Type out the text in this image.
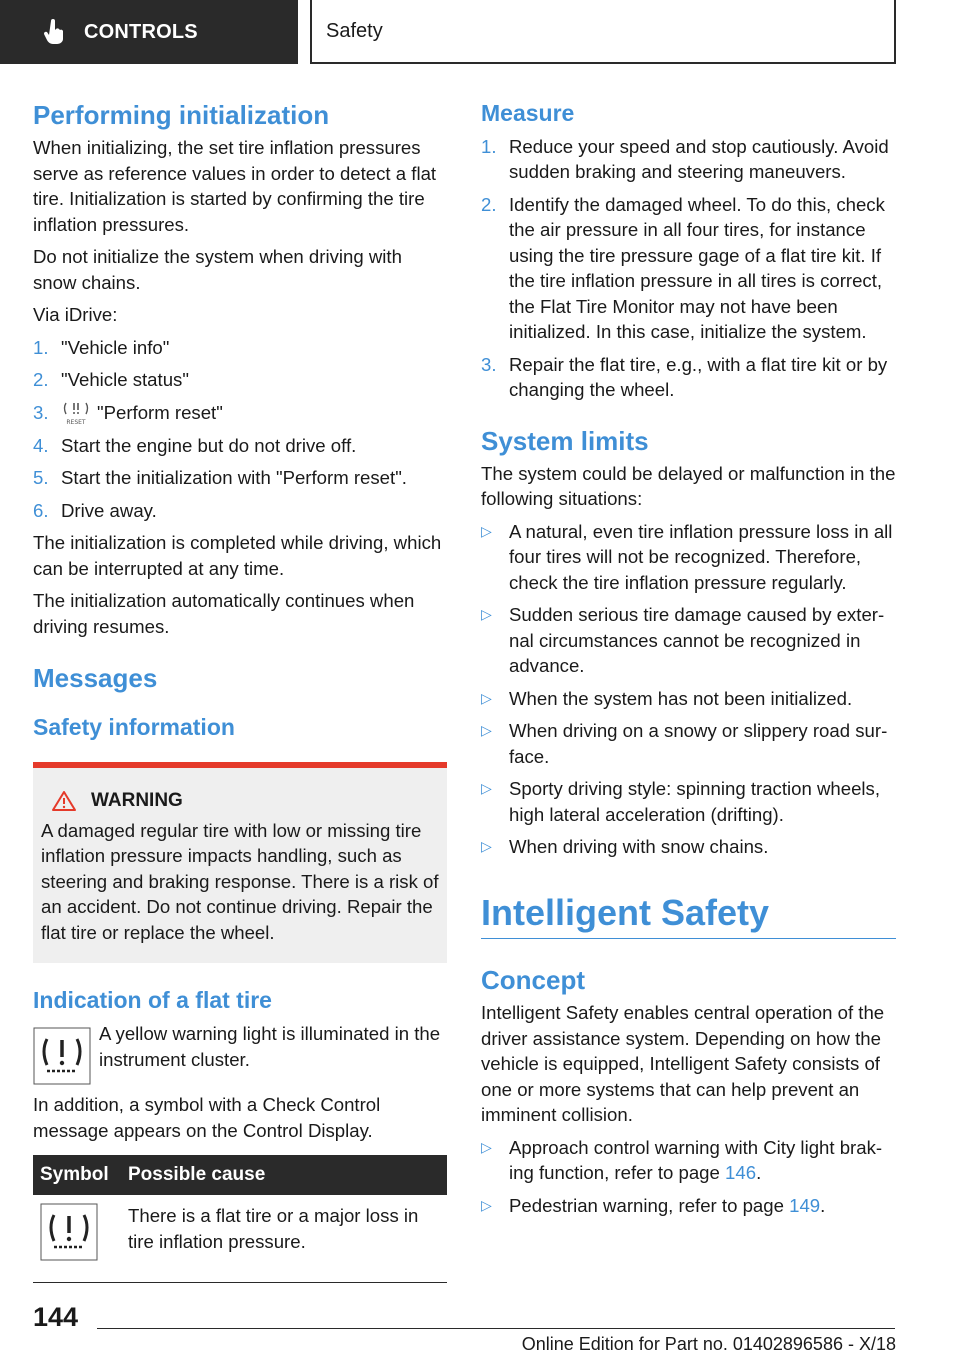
CONTROLS	Safety
Performing initialization

When initializing, the set tire inflation pressures serve as reference values in order to detect a flat tire. Initialization is started by confirming the tire inflation pressures.

Do not initialize the system when driving with snow chains.

Via iDrive:

1. "Vehicle info"
2. "Vehicle status"
3.	RESET "Perform reset"
4. Start the engine but do not drive off.
5. Start the initialization with "Perform reset".
6. Drive away.

The initialization is completed while driving, which can be interrupted at any time.

The initialization automatically continues when driving resumes.

Messages
Safety information
WARNING

A damaged regular tire with low or missing tire inflation pressure impacts handling, such as steering and braking response. There is a risk of an accident. Do not continue driving. Repair the flat tire or replace the wheel.

Indication of a flat tire

A yellow warning light is illuminated in the instrument cluster.

In addition, a symbol with a Check Control message appears on the Control Display.

Symbol	Possible cause
	There is a flat tire or a major loss in tire inflation pressure.
Measure
1. Reduce your speed and stop cautiously. Avoid sudden braking and steering maneuvers.
2. Identify the damaged wheel. To do this, check the air pressure in all four tires, for instance using the tire pressure gage of a flat tire kit. If the tire inflation pressure in all tires is correct, the Flat Tire Monitor may not have been initialized. In this case, initialize the system.
3. Repair the flat tire, e.g., with a flat tire kit or by changing the wheel.
System limits

The system could be delayed or malfunction in the following situations:

▷ A natural, even tire inflation pressure loss in all four tires will not be recognized. Therefore, check the tire inflation pressure regularly.
▷ Sudden serious tire damage caused by external circumstances cannot be recognized in advance.
▷ When the system has not been initialized.
▷ When driving on a snowy or slippery road surface.
▷ Sporty driving style: spinning traction wheels, high lateral acceleration (drifting).
▷ When driving with snow chains.
Intelligent Safety
Concept

Intelligent Safety enables central operation of the driver assistance system. Depending on how the vehicle is equipped, Intelligent Safety consists of one or more systems that can help prevent an imminent collision.

▷ Approach control warning with City light braking function, refer to page 146.
▷ Pedestrian warning, refer to page 149.
144
Online Edition for Part no. 01402896586 - X/18
